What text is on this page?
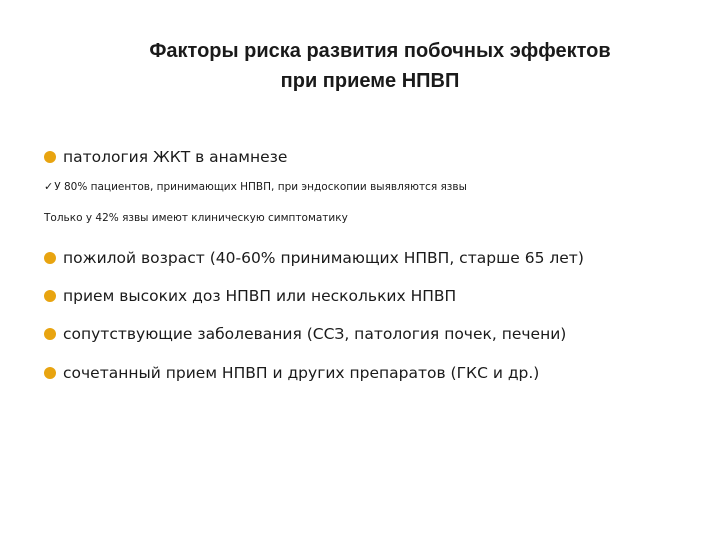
Факторы риска развития побочных эффектов
при приеме НПВП
патология ЖКТ в анамнезе
✓ У 80% пациентов, принимающих НПВП, при эндоскопии выявляются язвы
Только у 42% язвы имеют клиническую симптоматику
пожилой возраст (40-60% принимающих НПВП, старше 65 лет)
прием высоких доз НПВП или нескольких НПВП
сопутствующие заболевания (ССЗ, патология почек, печени)
сочетанный прием НПВП и других препаратов (ГКС и др.)
